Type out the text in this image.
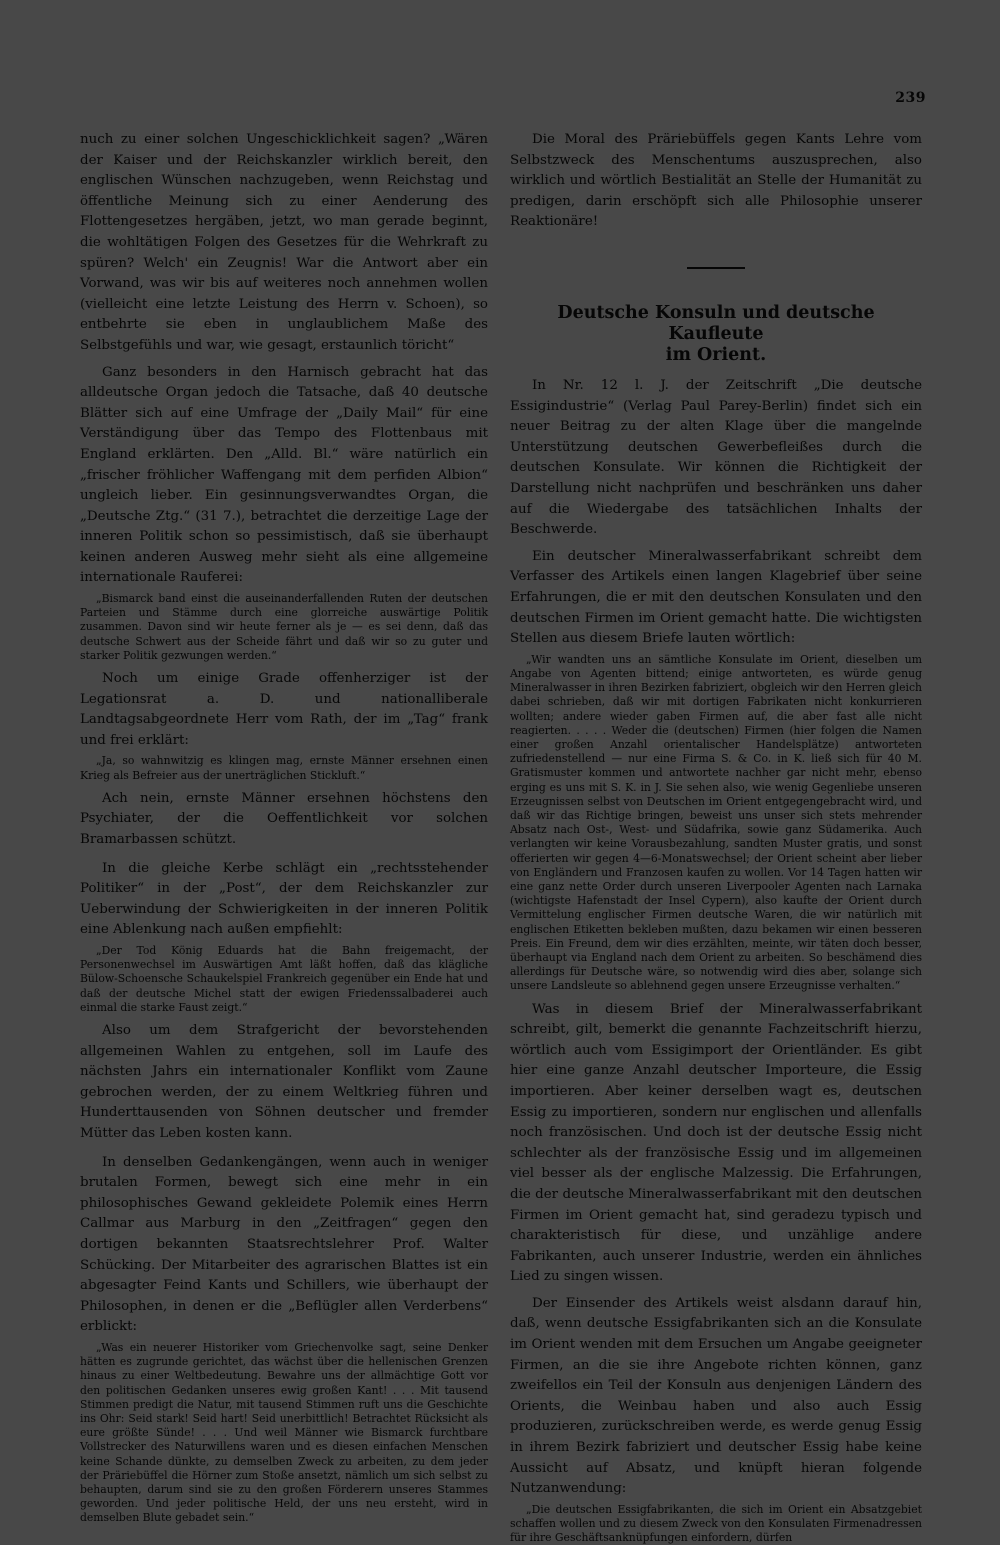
239

nuch zu einer solchen Ungeschicklichkeit sagen? „Wären der Kaiser und der Reichskanzler wirklich bereit, den englischen Wünschen nachzugeben, wenn Reichstag und öffentliche Meinung sich zu einer Aenderung des Flottengesetzes hergäben, jetzt, wo man gerade beginnt, die wohltätigen Folgen des Gesetzes für die Wehrkraft zu spüren? Welch' ein Zeugnis! War die Antwort aber ein Vorwand, was wir bis auf weiteres noch annehmen wollen (vielleicht eine letzte Leistung des Herrn v. Schoen), so entbehrte sie eben in unglaublichem Maße des Selbstgefühls und war, wie gesagt, erstaunlich töricht“

Ganz besonders in den Harnisch gebracht hat das alldeutsche Organ jedoch die Tatsache, daß 40 deutsche Blätter sich auf eine Umfrage der „Daily Mail“ für eine Verständigung über das Tempo des Flottenbaus mit England erklärten. Den „Alld. Bl.“ wäre natürlich ein „frischer fröhlicher Waffengang mit dem perfiden Albion“ ungleich lieber. Ein gesinnungsverwandtes Organ, die „Deutsche Ztg.“ (31 7.), betrachtet die derzeitige Lage der inneren Politik schon so pessimistisch, daß sie überhaupt keinen anderen Ausweg mehr sieht als eine allgemeine internationale Rauferei:

„Bismarck band einst die auseinanderfallenden Ruten der deutschen Parteien und Stämme durch eine glorreiche auswärtige Politik zusammen. Davon sind wir heute ferner als je — es sei denn, daß das deutsche Schwert aus der Scheide fährt und daß wir so zu guter und starker Politik gezwungen werden.“

Noch um einige Grade offenherziger ist der Legationsrat a. D. und nationalliberale Landtagsabgeordnete Herr vom Rath, der im „Tag“ frank und frei erklärt:

„Ja, so wahnwitzig es klingen mag, ernste Männer ersehnen einen Krieg als Befreier aus der unerträglichen Stickluft.“

Ach nein, ernste Männer ersehnen höchstens den Psychiater, der die Oeffentlichkeit vor solchen Bramarbassen schützt.

In die gleiche Kerbe schlägt ein „rechtsstehender Politiker“ in der „Post“, der dem Reichskanzler zur Ueberwindung der Schwierigkeiten in der inneren Politik eine Ablenkung nach außen empfiehlt:

„Der Tod König Eduards hat die Bahn freigemacht, der Personenwechsel im Auswärtigen Amt läßt hoffen, daß das klägliche Bülow-Schoensche Schaukelspiel Frankreich gegenüber ein Ende hat und daß der deutsche Michel statt der ewigen Friedenssalbaderei auch einmal die starke Faust zeigt.“

Also um dem Strafgericht der bevorstehenden allgemeinen Wahlen zu entgehen, soll im Laufe des nächsten Jahrs ein internationaler Konflikt vom Zaune gebrochen werden, der zu einem Weltkrieg führen und Hunderttausenden von Söhnen deutscher und fremder Mütter das Leben kosten kann.

In denselben Gedankengängen, wenn auch in weniger brutalen Formen, bewegt sich eine mehr in ein philosophisches Gewand gekleidete Polemik eines Herrn Callmar aus Marburg in den „Zeitfragen“ gegen den dortigen bekannten Staatsrechtslehrer Prof. Walter Schücking. Der Mitarbeiter des agrarischen Blattes ist ein abgesagter Feind Kants und Schillers, wie überhaupt der Philosophen, in denen er die „Beflügler allen Verderbens“ erblickt:

„Was ein neuerer Historiker vom Griechenvolke sagt, seine Denker hätten es zugrunde gerichtet, das wächst über die hellenischen Grenzen hinaus zu einer Weltbedeutung. Bewahre uns der allmächtige Gott vor den politischen Gedanken unseres ewig großen Kant! . . . Mit tausend Stimmen predigt die Natur, mit tausend Stimmen ruft uns die Geschichte ins Ohr: Seid stark! Seid hart! Seid unerbittlich! Betrachtet Rücksicht als eure größte Sünde! . . . Und weil Männer wie Bismarck furchtbare Vollstrecker des Naturwillens waren und es diesen einfachen Menschen keine Schande dünkte, zu demselben Zweck zu arbeiten, zu dem jeder der Präriebüffel die Hörner zum Stoße ansetzt, nämlich um sich selbst zu behaupten, darum sind sie zu den großen Förderern unseres Stammes geworden. Und jeder politische Held, der uns neu ersteht, wird in demselben Blute gebadet sein.“

Die Moral des Präriebüffels gegen Kants Lehre vom Selbstzweck des Menschentums auszusprechen, also wirklich und wörtlich Bestialität an Stelle der Humanität zu predigen, darin erschöpft sich alle Philosophie unserer Reaktionäre!

Deutsche Konsuln und deutsche Kaufleute
im Orient.

In Nr. 12 l. J. der Zeitschrift „Die deutsche Essigindustrie“ (Verlag Paul Parey-Berlin) findet sich ein neuer Beitrag zu der alten Klage über die mangelnde Unterstützung deutschen Gewerbefleißes durch die deutschen Konsulate. Wir können die Richtigkeit der Darstellung nicht nachprüfen und beschränken uns daher auf die Wiedergabe des tatsächlichen Inhalts der Beschwerde.

Ein deutscher Mineralwasserfabrikant schreibt dem Verfasser des Artikels einen langen Klagebrief über seine Erfahrungen, die er mit den deutschen Konsulaten und den deutschen Firmen im Orient gemacht hatte. Die wichtigsten Stellen aus diesem Briefe lauten wörtlich:

„Wir wandten uns an sämtliche Konsulate im Orient, dieselben um Angabe von Agenten bittend; einige antworteten, es würde genug Mineralwasser in ihren Bezirken fabriziert, obgleich wir den Herren gleich dabei schrieben, daß wir mit dortigen Fabrikaten nicht konkurrieren wollten; andere wieder gaben Firmen auf, die aber fast alle nicht reagierten. . . . . Weder die (deutschen) Firmen (hier folgen die Namen einer großen Anzahl orientalischer Handelsplätze) antworteten zufriedenstellend — nur eine Firma S. & Co. in K. ließ sich für 40 M. Gratismuster kommen und antwortete nachher gar nicht mehr, ebenso erging es uns mit S. K. in J. Sie sehen also, wie wenig Gegenliebe unseren Erzeugnissen selbst von Deutschen im Orient entgegengebracht wird, und daß wir das Richtige bringen, beweist uns unser sich stets mehrender Absatz nach Ost-, West- und Südafrika, sowie ganz Südamerika. Auch verlangten wir keine Vorausbezahlung, sandten Muster gratis, und sonst offerierten wir gegen 4—6-Monatswechsel; der Orient scheint aber lieber von Engländern und Franzosen kaufen zu wollen. Vor 14 Tagen hatten wir eine ganz nette Order durch unseren Liverpooler Agenten nach Larnaka (wichtigste Hafenstadt der Insel Cypern), also kaufte der Orient durch Vermittelung englischer Firmen deutsche Waren, die wir natürlich mit englischen Etiketten bekleben mußten, dazu bekamen wir einen besseren Preis. Ein Freund, dem wir dies erzählten, meinte, wir täten doch besser, überhaupt via England nach dem Orient zu arbeiten. So beschämend dies allerdings für Deutsche wäre, so notwendig wird dies aber, solange sich unsere Landsleute so ablehnend gegen unsere Erzeugnisse verhalten.“

Was in diesem Brief der Mineralwasserfabrikant schreibt, gilt, bemerkt die genannte Fachzeitschrift hierzu, wörtlich auch vom Essigimport der Orientländer. Es gibt hier eine ganze Anzahl deutscher Importeure, die Essig importieren. Aber keiner derselben wagt es, deutschen Essig zu importieren, sondern nur englischen und allenfalls noch französischen. Und doch ist der deutsche Essig nicht schlechter als der französische Essig und im allgemeinen viel besser als der englische Malzessig. Die Erfahrungen, die der deutsche Mineralwasserfabrikant mit den deutschen Firmen im Orient gemacht hat, sind geradezu typisch und charakteristisch für diese, und unzählige andere Fabrikanten, auch unserer Industrie, werden ein ähnliches Lied zu singen wissen.

Der Einsender des Artikels weist alsdann darauf hin, daß, wenn deutsche Essigfabrikanten sich an die Konsulate im Orient wenden mit dem Ersuchen um Angabe geeigneter Firmen, an die sie ihre Angebote richten können, ganz zweifellos ein Teil der Konsuln aus denjenigen Ländern des Orients, die Weinbau haben und also auch Essig produzieren, zurückschreiben werde, es werde genug Essig in ihrem Bezirk fabriziert und deutscher Essig habe keine Aussicht auf Absatz, und knüpft hieran folgende Nutzanwendung:

„Die deutschen Essigfabrikanten, die sich im Orient ein Absatzgebiet schaffen wollen und zu diesem Zweck von den Konsulaten Firmenadressen für ihre Geschäftsanknüpfungen einfordern, dürfen
